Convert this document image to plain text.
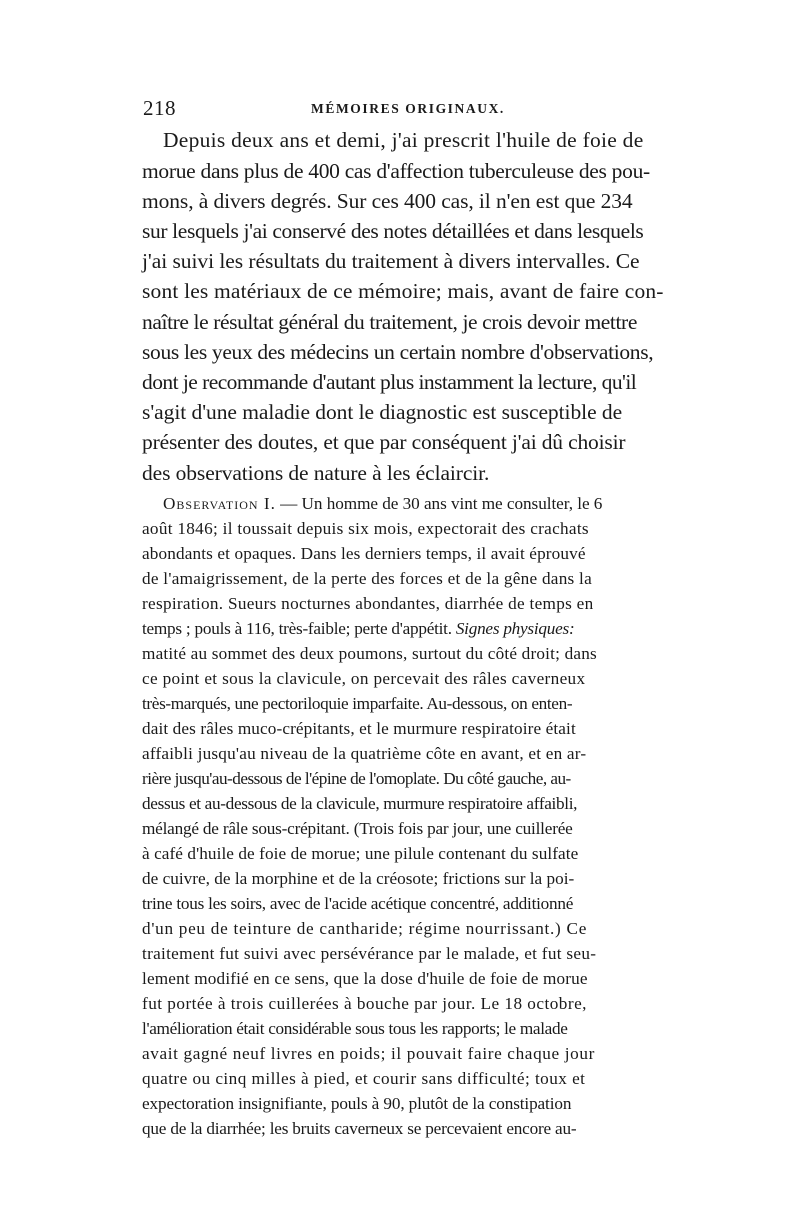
218	MÉMOIRES ORIGINAUX.
Depuis deux ans et demi, j'ai prescrit l'huile de foie de
morue dans plus de 400 cas d'affection tuberculeuse des pou-
mons, à divers degrés. Sur ces 400 cas, il n'en est que 234
sur lesquels j'ai conservé des notes détaillées et dans lesquels
j'ai suivi les résultats du traitement à divers intervalles. Ce
sont les matériaux de ce mémoire; mais, avant de faire con-
naître le résultat général du traitement, je crois devoir mettre
sous les yeux des médecins un certain nombre d'observations,
dont je recommande d'autant plus instamment la lecture, qu'il
s'agit d'une maladie dont le diagnostic est susceptible de
présenter des doutes, et que par conséquent j'ai dû choisir
des observations de nature à les éclaircir.
Observation I. — Un homme de 30 ans vint me consulter, le 6
août 1846; il toussait depuis six mois, expectorait des crachats
abondants et opaques. Dans les derniers temps, il avait éprouvé
de l'amaigrissement, de la perte des forces et de la gêne dans la
respiration. Sueurs nocturnes abondantes, diarrhée de temps en
temps ; pouls à 116, très-faible; perte d'appétit. Signes physiques:
matité au sommet des deux poumons, surtout du côté droit; dans
ce point et sous la clavicule, on percevait des râles caverneux
très-marqués, une pectoriloquie imparfaite. Au-dessous, on enten-
dait des râles muco-crépitants, et le murmure respiratoire était
affaibli jusqu'au niveau de la quatrième côte en avant, et en ar-
rière jusqu'au-dessous de l'épine de l'omoplate. Du côté gauche, au-
dessus et au-dessous de la clavicule, murmure respiratoire affaibli,
mélangé de râle sous-crépitant. (Trois fois par jour, une cuillerée
à café d'huile de foie de morue; une pilule contenant du sulfate
de cuivre, de la morphine et de la créosote; frictions sur la poi-
trine tous les soirs, avec de l'acide acétique concentré, additionné
d'un peu de teinture de cantharide; régime nourrissant.) Ce
traitement fut suivi avec persévérance par le malade, et fut seu-
lement modifié en ce sens, que la dose d'huile de foie de morue
fut portée à trois cuillerées à bouche par jour. Le 18 octobre,
l'amélioration était considérable sous tous les rapports; le malade
avait gagné neuf livres en poids; il pouvait faire chaque jour
quatre ou cinq milles à pied, et courir sans difficulté; toux et
expectoration insignifiante, pouls à 90, plutôt de la constipation
que de la diarrhée; les bruits caverneux se percevaient encore au-
